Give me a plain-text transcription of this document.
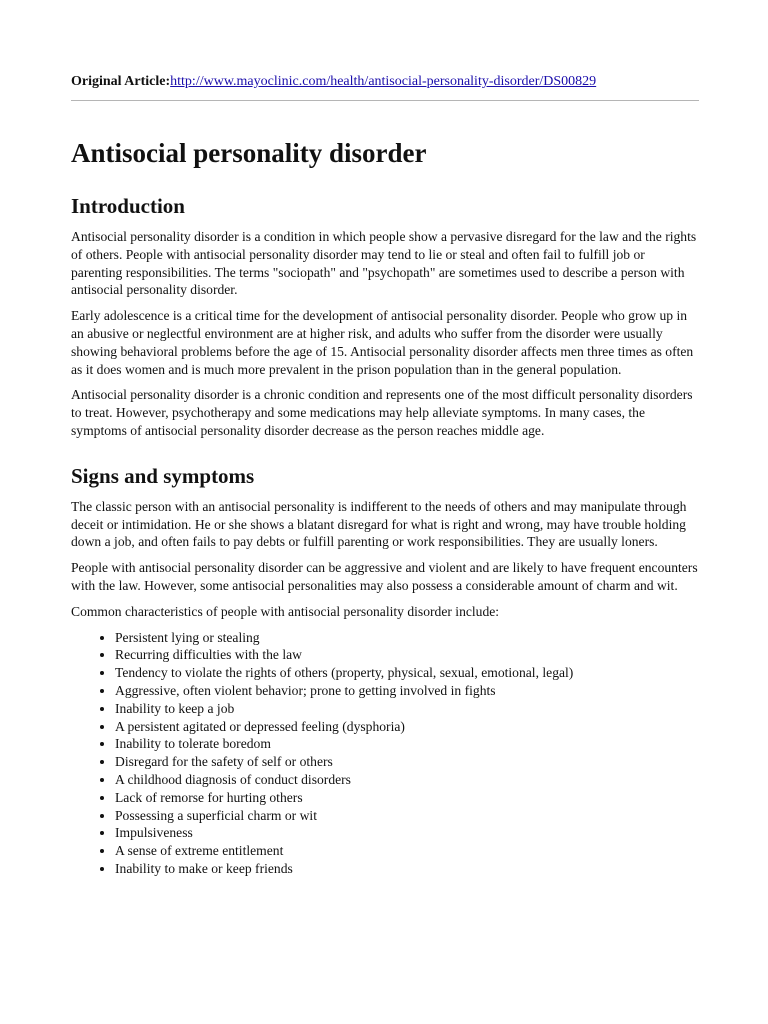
Original Article:http://www.mayoclinic.com/health/antisocial-personality-disorder/DS00829
Antisocial personality disorder
Introduction

Antisocial personality disorder is a condition in which people show a pervasive disregard for the law and the rights of others. People with antisocial personality disorder may tend to lie or steal and often fail to fulfill job or parenting responsibilities. The terms "sociopath" and "psychopath" are sometimes used to describe a person with antisocial personality disorder.

Early adolescence is a critical time for the development of antisocial personality disorder. People who grow up in an abusive or neglectful environment are at higher risk, and adults who suffer from the disorder were usually showing behavioral problems before the age of 15. Antisocial personality disorder affects men three times as often as it does women and is much more prevalent in the prison population than in the general population.

Antisocial personality disorder is a chronic condition and represents one of the most difficult personality disorders to treat. However, psychotherapy and some medications may help alleviate symptoms. In many cases, the symptoms of antisocial personality disorder decrease as the person reaches middle age.

Signs and symptoms

The classic person with an antisocial personality is indifferent to the needs of others and may manipulate through deceit or intimidation. He or she shows a blatant disregard for what is right and wrong, may have trouble holding down a job, and often fails to pay debts or fulfill parenting or work responsibilities. They are usually loners.

People with antisocial personality disorder can be aggressive and violent and are likely to have frequent encounters with the law. However, some antisocial personalities may also possess a considerable amount of charm and wit.

Common characteristics of people with antisocial personality disorder include:

• Persistent lying or stealing
• Recurring difficulties with the law
• Tendency to violate the rights of others (property, physical, sexual, emotional, legal)
• Aggressive, often violent behavior; prone to getting involved in fights
• Inability to keep a job
• A persistent agitated or depressed feeling (dysphoria)
• Inability to tolerate boredom
• Disregard for the safety of self or others
• A childhood diagnosis of conduct disorders
• Lack of remorse for hurting others
• Possessing a superficial charm or wit
• Impulsiveness
• A sense of extreme entitlement
• Inability to make or keep friends
